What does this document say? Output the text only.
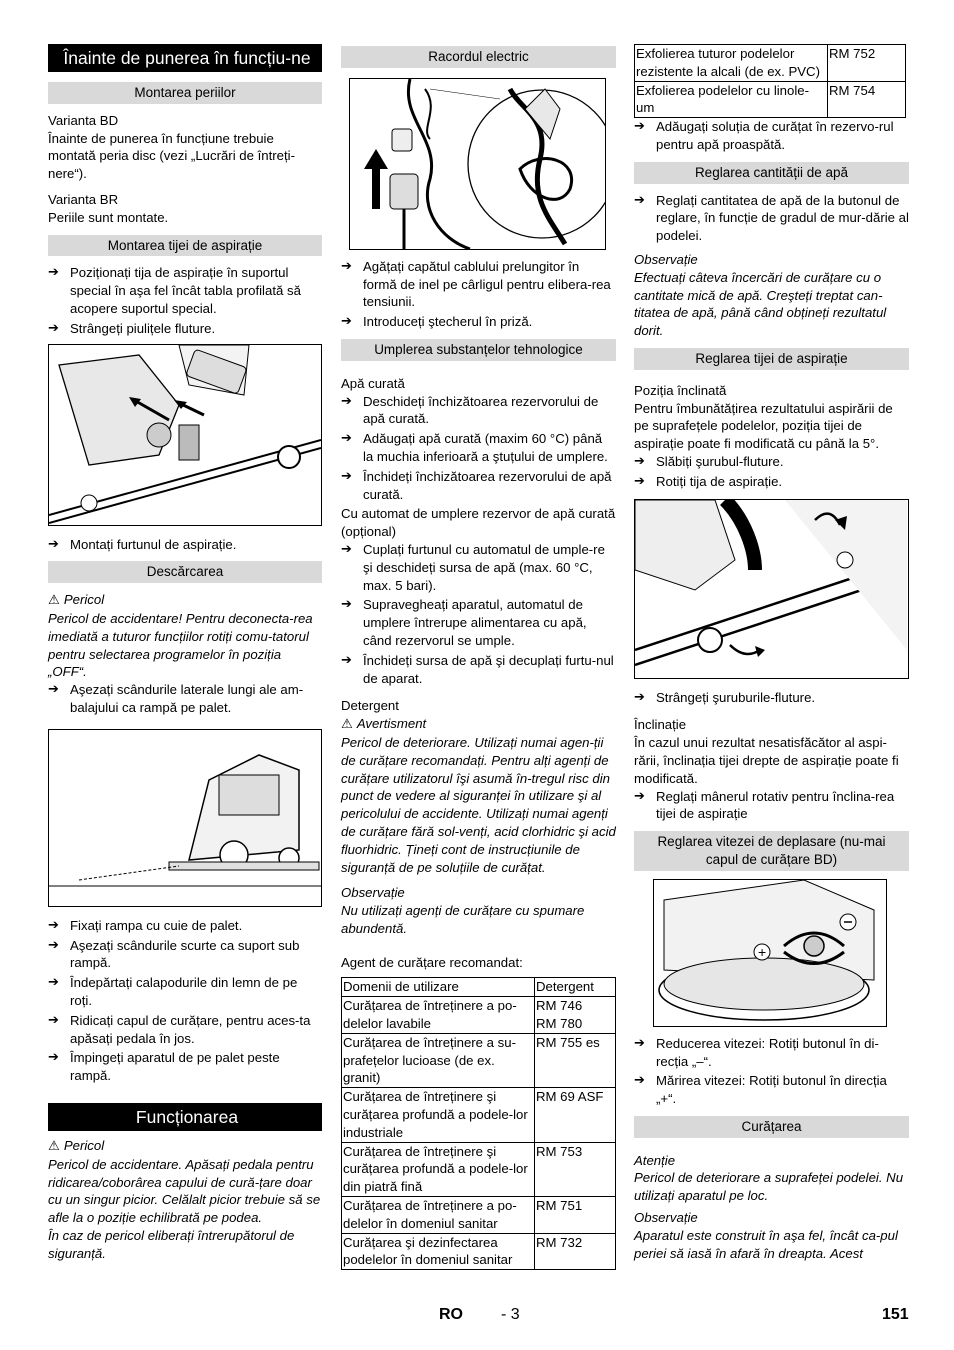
Înainte de punerea în funcțiu-ne
Montarea periilor

Varianta BD

Înainte de punerea în funcțiune trebuie montată peria disc (vezi „Lucrări de întreți-nere“).

Varianta BR

Periile sunt montate.

Montarea tijei de aspirație

➔ Poziționați tija de aspirație în suportul special în aşa fel încât tabla profilată să acopere suportul special.

➔ Strângeți piulițele fluture.

➔ Montați furtunul de aspirație.

Descărcarea

⚠ Pericol

Pericol de accidentare! Pentru deconecta-rea imediată a tuturor funcțiilor rotiți comu-tatorul pentru selectarea programelor în poziția „OFF“.

➔ Aşezați scândurile laterale lungi ale am-balajului ca rampă pe palet.

➔ Fixați rampa cu cuie de palet.

➔ Aşezați scândurile scurte ca suport sub rampă.

➔ Îndepărtați calapodurile din lemn de pe roți.

➔ Ridicați capul de curățare, pentru aces-ta apăsați pedala în jos.

➔ Împingeți aparatul de pe palet peste rampă.

Funcționarea

⚠ Pericol

Pericol de accidentare. Apăsați pedala pentru ridicarea/coborârea capului de cură-țare doar cu un singur picior. Celălalt picior trebuie să se afle la o poziție echilibrată pe podea.

În caz de pericol eliberați întrerupătorul de siguranță.

Racordul electric

➔ Agățați capătul cablului prelungitor în formă de inel pe cârligul pentru elibera-rea tensiunii.

➔ Introduceți ştecherul în priză.

Umplerea substanțelor tehnologice

Apă curată

➔ Deschideți închizătoarea rezervorului de apă curată.

➔ Adăugați apă curată (maxim 60 °C) până la muchia inferioară a ştuțului de umplere.

➔ Închideți închizătoarea rezervorului de apă curată.

Cu automat de umplere rezervor de apă curată (opțional)

➔ Cuplați furtunul cu automatul de umple-re şi deschideți sursa de apă (max. 60 °C, max. 5 bari).

➔ Supravegheați aparatul, automatul de umplere întrerupe alimentarea cu apă, când rezervorul se umple.

➔ Închideți sursa de apă şi decuplați furtu-nul de aparat.

Detergent

⚠ Avertisment

Pericol de deteriorare. Utilizați numai agen-ții de curățare recomandați. Pentru alți agenți de curățare utilizatorul îşi asumă în-tregul risc din punct de vedere al siguranței în utilizare şi al pericolului de accidente. Utilizați numai agenți de curățare fără sol-venți, acid clorhidric şi acid fluorhidric. Țineți cont de instrucțiunile de siguranță de pe soluțiile de curățat.

Observație

Nu utilizați agenți de curățare cu spumare abundentă.

Agent de curățare recomandat:

Domenii de utilizare	Detergent
Curățarea de întreținere a po-delelor lavabile	RM 746
RM 780
Curățarea de întreținere a su-prafețelor lucioase (de ex. granit)	RM 755 es
Curățarea de întreținere şi curățarea profundă a podele-lor industriale	RM 69 ASF
Curățarea de întreținere şi curățarea profundă a podele-lor din piatră fină	RM 753
Curățarea de întreținere a po-delelor în domeniul sanitar	RM 751
Curățarea şi dezinfectarea podelelor în domeniul sanitar	RM 732
Exfolierea tuturor podelelor rezistente la alcali (de ex. PVC)	RM 752
Exfolierea podelelor cu linole-um	RM 754

➔ Adăugați soluția de curățat în rezervo-rul pentru apă proaspătă.

Reglarea cantității de apă

➔ Reglați cantitatea de apă de la butonul de reglare, în funcție de gradul de mur-dărie al podelei.

Observație

Efectuați câteva încercări de curățare cu o cantitate mică de apă. Creşteți treptat can-titatea de apă, până când obțineți rezultatul dorit.

Reglarea tijei de aspirație

Poziția înclinată

Pentru îmbunătățirea rezultatului aspirării de pe suprafețele podelelor, poziția tijei de aspirație poate fi modificată cu până la 5°.

➔ Slăbiți şurubul-fluture.

➔ Rotiți tija de aspirație.

➔ Strângeți şuruburile-fluture.

Înclinație

În cazul unui rezultat nesatisfăcător al aspi-rării, înclinația tijei drepte de aspirație poate fi modificată.

➔ Reglați mânerul rotativ pentru înclina-rea tijei de aspirație

Reglarea vitezei de deplasare (nu-mai capul de curățare BD)
+

➔ Reducerea vitezei: Rotiți butonul în di-recția „–“.

➔ Mărirea vitezei: Rotiți butonul în direcția „+“.

Curățarea

Atenție

Pericol de deteriorare a suprafeței podelei. Nu utilizați aparatul pe loc.

Observație

Aparatul este construit în aşa fel, încât ca-pul periei să iasă în afară în dreapta. Acest

RO - 3	151
